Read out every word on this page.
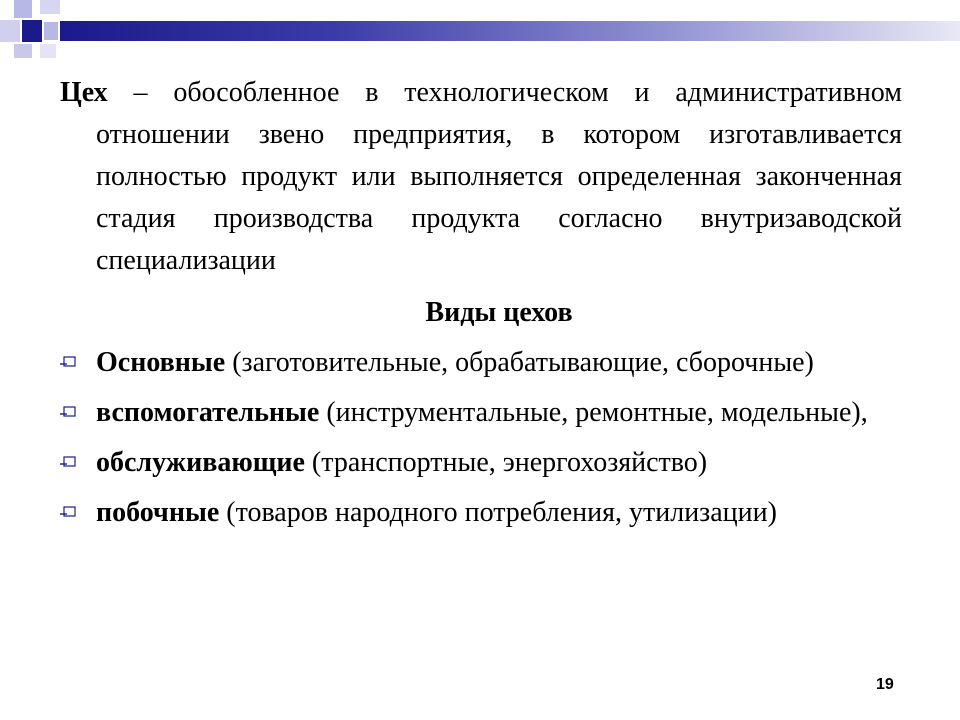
Цех – обособленное в технологическом и административном отношении звено предприятия, в котором изготавливается полностью продукт или выполняется определенная законченная стадия производства продукта согласно внутризаводской специализации

Виды цехов

Основные (заготовительные, обрабатывающие, сборочные)
вспомогательные (инструментальные, ремонтные, модельные),
обслуживающие (транспортные, энергохозяйство)
побочные (товаров народного потребления, утилизации)
19
